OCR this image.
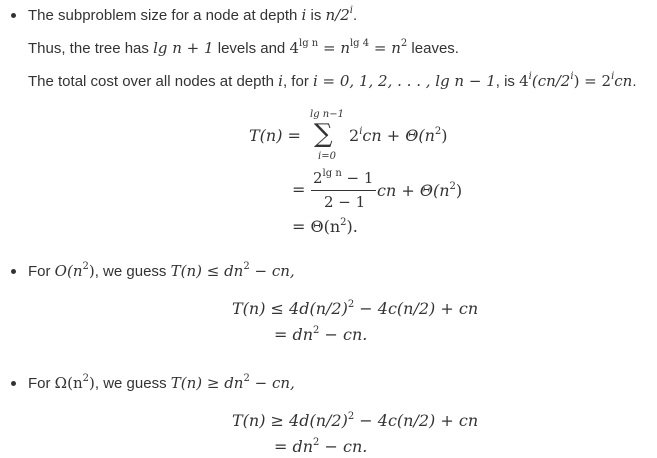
The subproblem size for a node at depth i is n/2$^i$.
Thus, the tree has lg n + 1 levels and $4^{lg n} = n^{lg 4} = n^2$ leaves.
The total cost over all nodes at depth i, for i = 0, 1, 2, . . . , lg n − 1, is $4^i(cn/2^i) = 2^icn$.
T(n) =
lg n−1
∑
i=0
$2^icn + \Theta(n^2)$
=
$2^{lg n} - 1$
2 − 1
cn + $\Theta(n^2)$
= $\Theta(n^2)$.
For $O(n^2)$, we guess $T(n) \le dn^2$ − cn,
$T(n) \le 4d(n/2)^2 - 4c(n/2)$ + cn
= $dn^2$ − cn.
For $\Omega(n^2)$, we guess $T(n) \ge dn^2$ − cn,
$T(n) \ge 4d(n/2)^2 - 4c(n/2)$ + cn
= $dn^2$ − cn.
